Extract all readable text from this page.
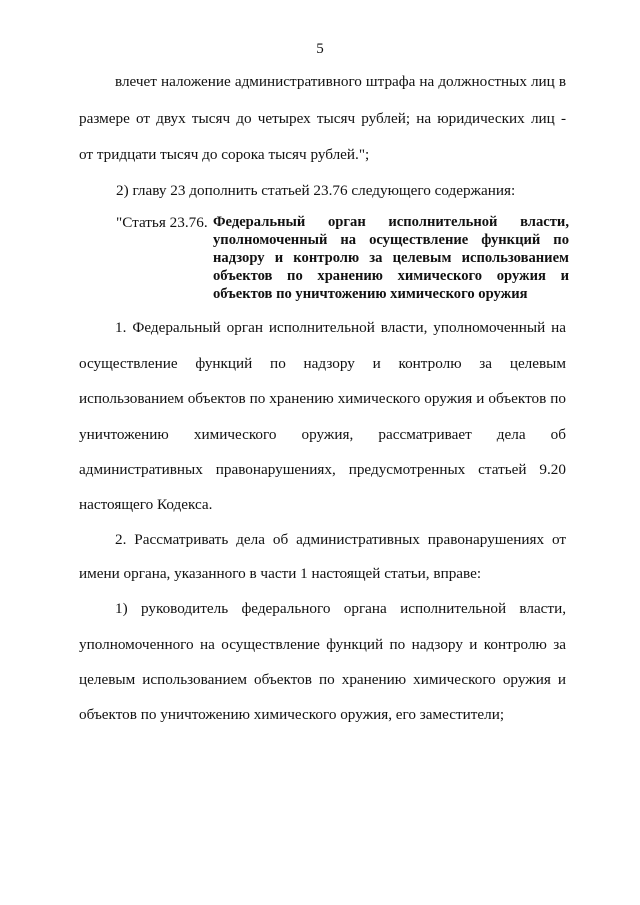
5
влечет наложение административного штрафа на должностных лиц в
размере от двух тысяч до четырех тысяч рублей; на юридических лиц -
от тридцати тысяч до сорока тысяч рублей.";
2) главу 23 дополнить статьей 23.76 следующего содержания:
"Статья 23.76. Федеральный орган исполнительной власти,
уполномоченный на осуществление функций по
надзору и контролю за целевым использованием
объектов по хранению химического оружия и
объектов по уничтожению химического оружия
1. Федеральный орган исполнительной власти, уполномоченный на
осуществление функций по надзору и контролю за целевым
использованием объектов по хранению химического оружия и объектов по
уничтожению химического оружия, рассматривает дела об
административных правонарушениях, предусмотренных статьей 9.20
настоящего Кодекса.
2. Рассматривать дела об административных правонарушениях от
имени органа, указанного в части 1 настоящей статьи, вправе:
1) руководитель федерального органа исполнительной власти,
уполномоченного на осуществление функций по надзору и контролю за
целевым использованием объектов по хранению химического оружия и
объектов по уничтожению химического оружия, его заместители;
